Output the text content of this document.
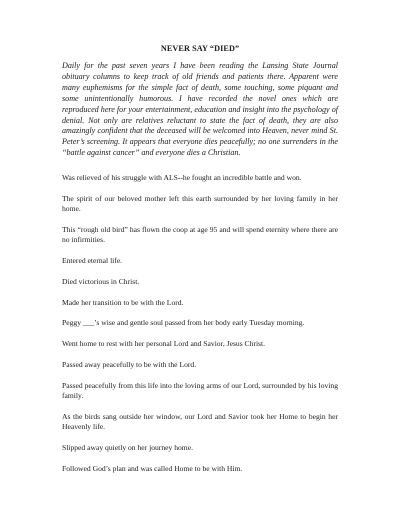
NEVER SAY “DIED”

Daily for the past seven years I have been reading the Lansing State Journal obituary columns to keep track of old friends and patients there. Apparent were many euphemisms for the simple fact of death, some touching, some piquant and some unintentionally humorous. I have recorded the novel ones which are reproduced here for your entertainment, education and insight into the psychology of denial. Not only are relatives reluctant to state the fact of death, they are also amazingly confident that the deceased will be welcomed into Heaven, never mind St. Peter’s screening. It appears that everyone dies peacefully; no one surrenders in the “battle against cancer” and everyone dies a Christian.

Was relieved of his struggle with ALS--he fought an incredible battle and won.

The spirit of our beloved mother left this earth surrounded by her loving family in her home.

This “rough old bird” has flown the coop at age 95 and will spend eternity where there are no infirmities.

Entered eternal life.

Died victorious in Christ.

Made her transition to be with the Lord.

Peggy ___’s wise and gentle soul passed from her body early Tuesday morning.

Went home to rest with her personal Lord and Savior, Jesus Christ.

Passed away peacefully to be with the Lord.

Passed peacefully from this life into the loving arms of our Lord, surrounded by his loving family.

As the birds sang outside her window, our Lord and Savior took her Home to begin her Heavenly life.

Slipped away quietly on her journey home.

Followed God’s plan and was called Home to be with Him.
